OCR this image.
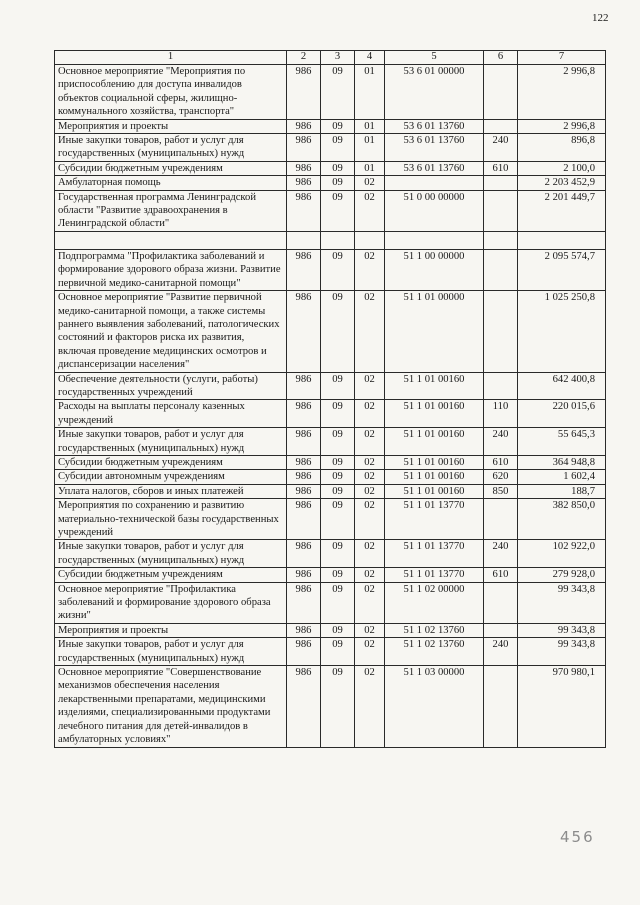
122
1	2	3	4	5	6	7
Основное мероприятие "Мероприятия по приспособлению для доступа инвалидов объектов социальной сферы, жилищно-коммунального хозяйства, транспорта"	986	09	01	53 6 01 00000		2 996,8
Мероприятия и проекты	986	09	01	53 6 01 13760		2 996,8
Иные закупки товаров, работ и услуг для государственных (муниципальных) нужд	986	09	01	53 6 01 13760	240	896,8
Субсидии бюджетным учреждениям	986	09	01	53 6 01 13760	610	2 100,0
Амбулаторная помощь	986	09	02			2 203 452,9
Государственная программа Ленинградской области "Развитие здравоохранения в Ленинградской области"	986	09	02	51 0 00 00000		2 201 449,7

Подпрограмма "Профилактика заболеваний и формирование здорового образа жизни. Развитие первичной медико-санитарной помощи"	986	09	02	51 1 00 00000		2 095 574,7
Основное мероприятие "Развитие первичной медико-санитарной помощи, а также системы раннего выявления заболеваний, патологических состояний и факторов риска их развития, включая проведение медицинских осмотров и диспансеризации населения"	986	09	02	51 1 01 00000		1 025 250,8
Обеспечение деятельности (услуги, работы) государственных учреждений	986	09	02	51 1 01 00160		642 400,8
Расходы на выплаты персоналу казенных учреждений	986	09	02	51 1 01 00160	110	220 015,6
Иные закупки товаров, работ и услуг для государственных (муниципальных) нужд	986	09	02	51 1 01 00160	240	55 645,3
Субсидии бюджетным учреждениям	986	09	02	51 1 01 00160	610	364 948,8
Субсидии автономным учреждениям	986	09	02	51 1 01 00160	620	1 602,4
Уплата налогов, сборов и иных платежей	986	09	02	51 1 01 00160	850	188,7
Мероприятия по сохранению и развитию материально-технической базы государственных учреждений	986	09	02	51 1 01 13770		382 850,0
Иные закупки товаров, работ и услуг для государственных (муниципальных) нужд	986	09	02	51 1 01 13770	240	102 922,0
Субсидии бюджетным учреждениям	986	09	02	51 1 01 13770	610	279 928,0
Основное мероприятие "Профилактика заболеваний и формирование здорового образа жизни"	986	09	02	51 1 02 00000		99 343,8
Мероприятия и проекты	986	09	02	51 1 02 13760		99 343,8
Иные закупки товаров, работ и услуг для государственных (муниципальных) нужд	986	09	02	51 1 02 13760	240	99 343,8
Основное мероприятие "Совершенствование механизмов обеспечения населения лекарственными препаратами, медицинскими изделиями, специализированными продуктами лечебного питания для детей-инвалидов в амбулаторных условиях"	986	09	02	51 1 03 00000		970 980,1
456
